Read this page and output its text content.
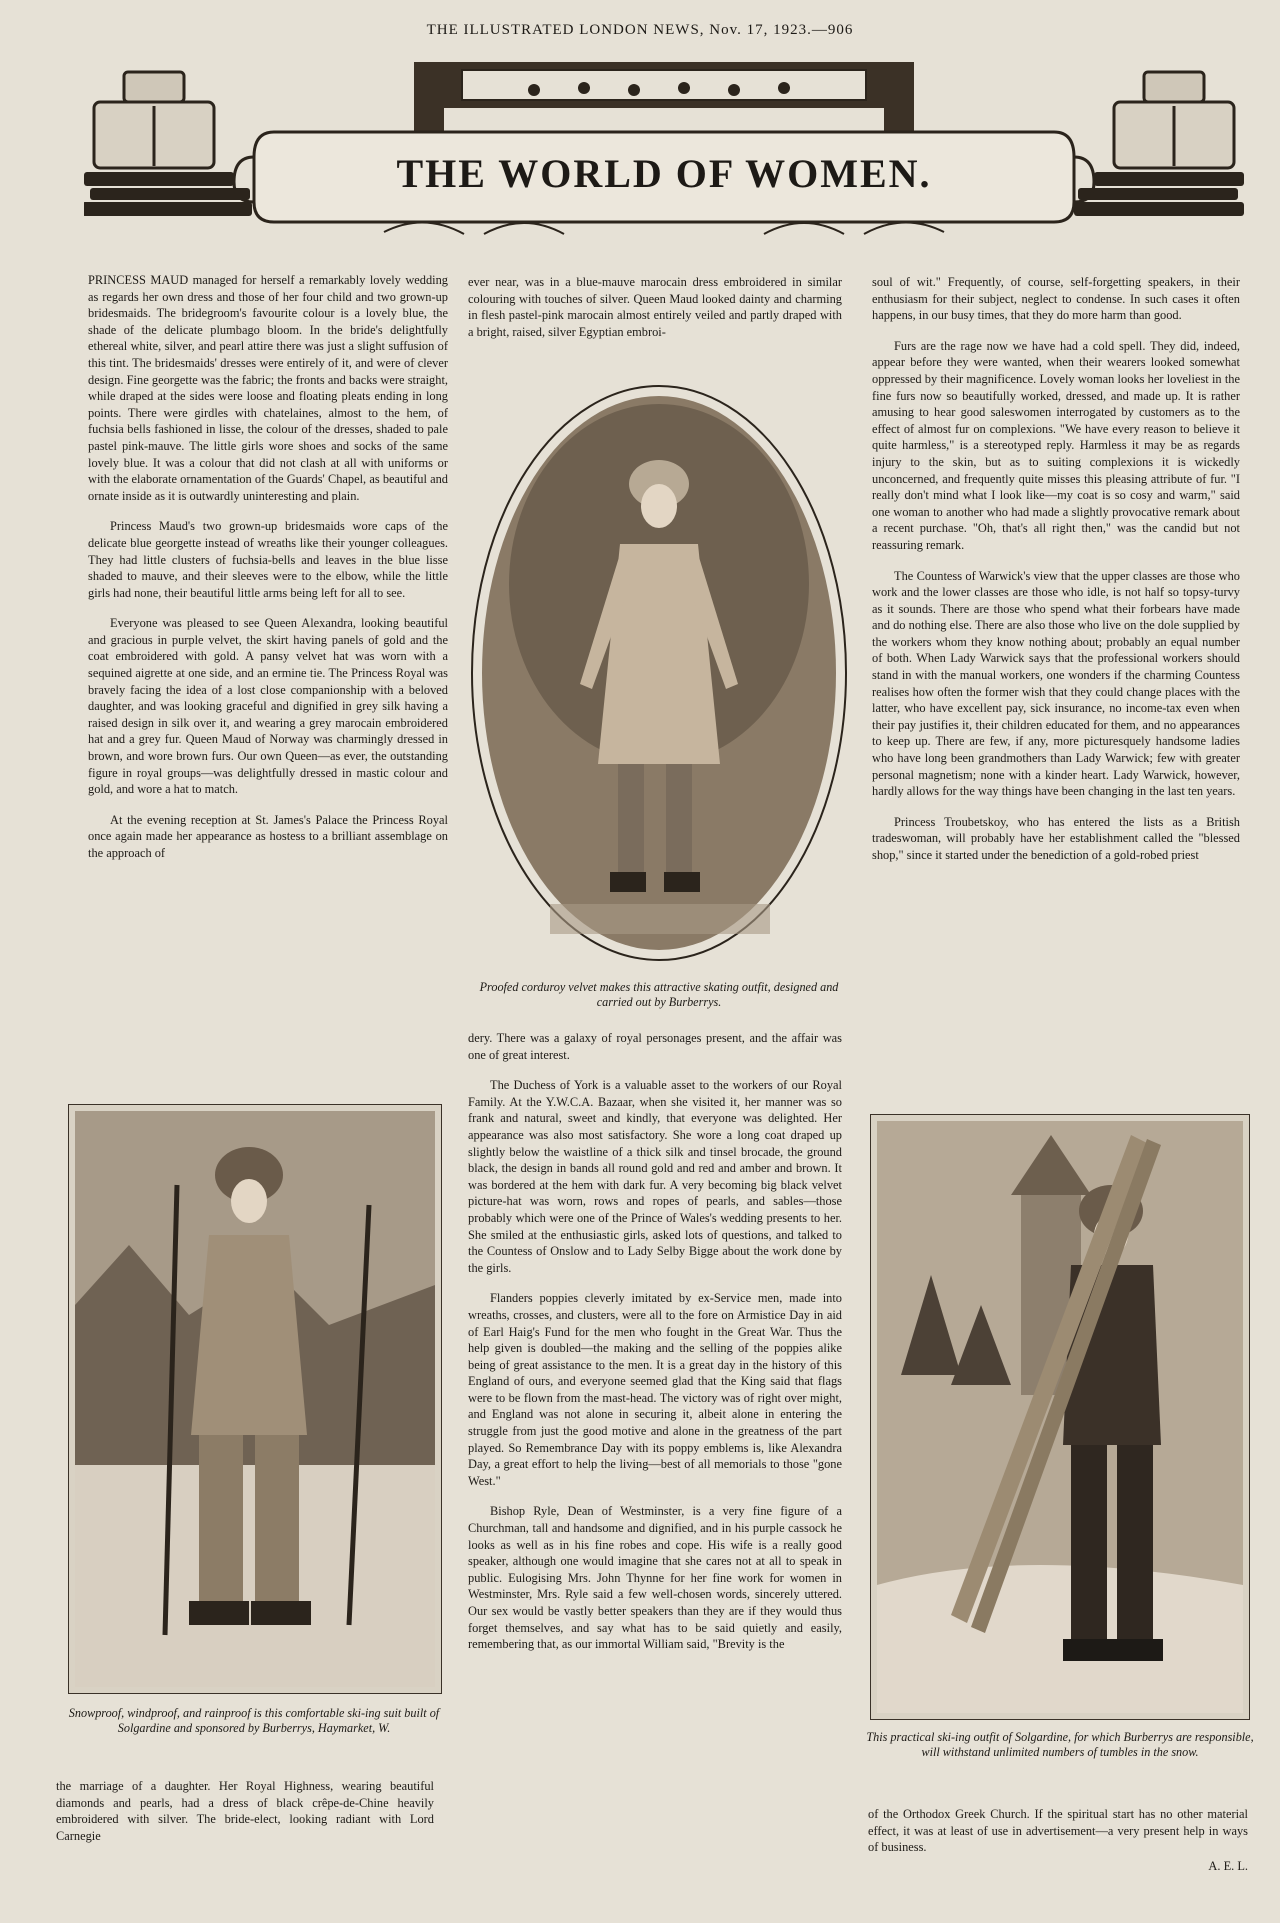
THE ILLUSTRATED LONDON NEWS, Nov. 17, 1923.—906
THE WORLD OF WOMEN.

PRINCESS MAUD managed for herself a remarkably lovely wedding as regards her own dress and those of her four child and two grown-up bridesmaids. The bridegroom's favourite colour is a lovely blue, the shade of the delicate plumbago bloom. In the bride's delightfully ethereal white, silver, and pearl attire there was just a slight suffusion of this tint. The bridesmaids' dresses were entirely of it, and were of clever design. Fine georgette was the fabric; the fronts and backs were straight, while draped at the sides were loose and floating pleats ending in long points. There were girdles with chatelaines, almost to the hem, of fuchsia bells fashioned in lisse, the colour of the dresses, shaded to pale pastel pink-mauve. The little girls wore shoes and socks of the same lovely blue. It was a colour that did not clash at all with uniforms or with the elaborate ornamentation of the Guards' Chapel, as beautiful and ornate inside as it is outwardly uninteresting and plain.

Princess Maud's two grown-up bridesmaids wore caps of the delicate blue georgette instead of wreaths like their younger colleagues. They had little clusters of fuchsia-bells and leaves in the blue lisse shaded to mauve, and their sleeves were to the elbow, while the little girls had none, their beautiful little arms being left for all to see.

Everyone was pleased to see Queen Alexandra, looking beautiful and gracious in purple velvet, the skirt having panels of gold and the coat embroidered with gold. A pansy velvet hat was worn with a sequined aigrette at one side, and an ermine tie. The Princess Royal was bravely facing the idea of a lost close companionship with a beloved daughter, and was looking graceful and dignified in grey silk having a raised design in silk over it, and wearing a grey marocain embroidered hat and a grey fur. Queen Maud of Norway was charmingly dressed in brown, and wore brown furs. Our own Queen—as ever, the outstanding figure in royal groups—was delightfully dressed in mastic colour and gold, and wore a hat to match.

At the evening reception at St. James's Palace the Princess Royal once again made her appearance as hostess to a brilliant assemblage on the approach of

ever near, was in a blue-mauve marocain dress embroidered in similar colouring with touches of silver. Queen Maud looked dainty and charming in flesh pastel-pink marocain almost entirely veiled and partly draped with a bright, raised, silver Egyptian embroi-

soul of wit." Frequently, of course, self-forgetting speakers, in their enthusiasm for their subject, neglect to condense. In such cases it often happens, in our busy times, that they do more harm than good.

Furs are the rage now we have had a cold spell. They did, indeed, appear before they were wanted, when their wearers looked somewhat oppressed by their magnificence. Lovely woman looks her loveliest in the fine furs now so beautifully worked, dressed, and made up. It is rather amusing to hear good saleswomen interrogated by customers as to the effect of almost fur on complexions. "We have every reason to believe it quite harmless," is a stereotyped reply. Harmless it may be as regards injury to the skin, but as to suiting complexions it is wickedly unconcerned, and frequently quite misses this pleasing attribute of fur. "I really don't mind what I look like—my coat is so cosy and warm," said one woman to another who had made a slightly provocative remark about a recent purchase. "Oh, that's all right then," was the candid but not reassuring remark.

The Countess of Warwick's view that the upper classes are those who work and the lower classes are those who idle, is not half so topsy-turvy as it sounds. There are those who spend what their forbears have made and do nothing else. There are also those who live on the dole supplied by the workers whom they know nothing about; probably an equal number of both. When Lady Warwick says that the professional workers should stand in with the manual workers, one wonders if the charming Countess realises how often the former wish that they could change places with the latter, who have excellent pay, sick insurance, no income-tax even when their pay justifies it, their children educated for them, and no appearances to keep up. There are few, if any, more picturesquely handsome ladies who have long been grandmothers than Lady Warwick; few with greater personal magnetism; none with a kinder heart. Lady Warwick, however, hardly allows for the way things have been changing in the last ten years.

Princess Troubetskoy, who has entered the lists as a British tradeswoman, will probably have her establishment called the "blessed shop," since it started under the benediction of a gold-robed priest

Proofed corduroy velvet makes this attractive skating outfit, designed and carried out by Burberrys.

dery. There was a galaxy of royal personages present, and the affair was one of great interest.

The Duchess of York is a valuable asset to the workers of our Royal Family. At the Y.W.C.A. Bazaar, when she visited it, her manner was so frank and natural, sweet and kindly, that everyone was delighted. Her appearance was also most satisfactory. She wore a long coat draped up slightly below the waistline of a thick silk and tinsel brocade, the ground black, the design in bands all round gold and red and amber and brown. It was bordered at the hem with dark fur. A very becoming big black velvet picture-hat was worn, rows and ropes of pearls, and sables—those probably which were one of the Prince of Wales's wedding presents to her. She smiled at the enthusiastic girls, asked lots of questions, and talked to the Countess of Onslow and to Lady Selby Bigge about the work done by the girls.

Flanders poppies cleverly imitated by ex-Service men, made into wreaths, crosses, and clusters, were all to the fore on Armistice Day in aid of Earl Haig's Fund for the men who fought in the Great War. Thus the help given is doubled—the making and the selling of the poppies alike being of great assistance to the men. It is a great day in the history of this England of ours, and everyone seemed glad that the King said that flags were to be flown from the mast-head. The victory was of right over might, and England was not alone in securing it, albeit alone in entering the struggle from just the good motive and alone in the greatness of the part played. So Remembrance Day with its poppy emblems is, like Alexandra Day, a great effort to help the living—best of all memorials to those "gone West."

Bishop Ryle, Dean of Westminster, is a very fine figure of a Churchman, tall and handsome and dignified, and in his purple cassock he looks as well as in his fine robes and cope. His wife is a really good speaker, although one would imagine that she cares not at all to speak in public. Eulogising Mrs. John Thynne for her fine work for women in Westminster, Mrs. Ryle said a few well-chosen words, sincerely uttered. Our sex would be vastly better speakers than they are if they would thus forget themselves, and say what has to be said quietly and easily, remembering that, as our immortal William said, "Brevity is the

Snowproof, windproof, and rainproof is this comfortable ski-ing suit built of Solgardine and sponsored by Burberrys, Haymarket, W.

the marriage of a daughter. Her Royal Highness, wearing beautiful diamonds and pearls, had a dress of black crêpe-de-Chine heavily embroidered with silver. The bride-elect, looking radiant with Lord Carnegie

This practical ski-ing outfit of Solgardine, for which Burberrys are responsible, will withstand unlimited numbers of tumbles in the snow.

of the Orthodox Greek Church. If the spiritual start has no other material effect, it was at least of use in advertisement—a very present help in ways of business.

A. E. L.
